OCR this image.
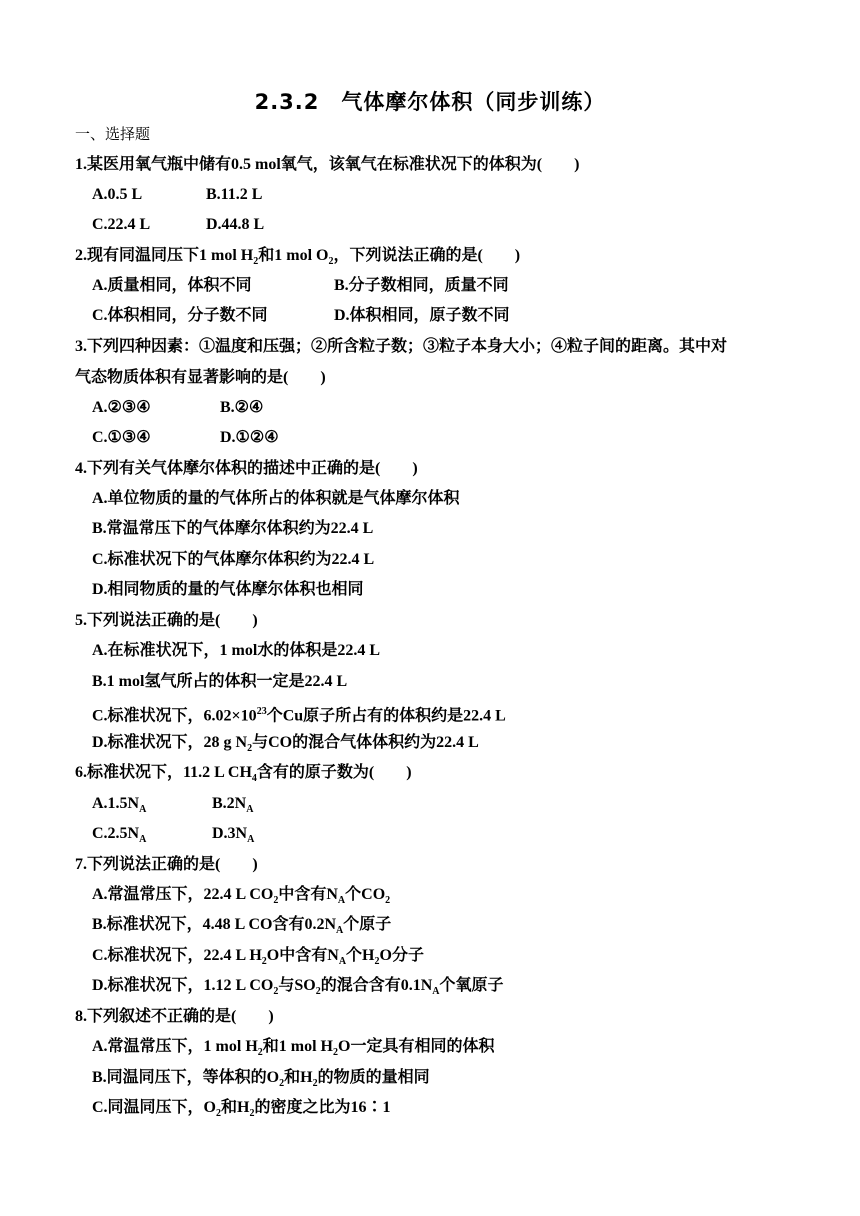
2.3.2　气体摩尔体积（同步训练）
一、选择题
1.某医用氧气瓶中储有0.5 mol氧气，该氧气在标准状况下的体积为(　　)
A.0.5 L	B.11.2 L
C.22.4 L	D.44.8 L
2.现有同温同压下1 mol $H_2$和1 mol $O_2$，下列说法正确的是(　　)
A.质量相同，体积不同	B.分子数相同，质量不同
C.体积相同，分子数不同	D.体积相同，原子数不同
3.下列四种因素：①温度和压强；②所含粒子数；③粒子本身大小；④粒子间的距离。其中对
气态物质体积有显著影响的是(　　)
A.②③④	B.②④
C.①③④	D.①②④
4.下列有关气体摩尔体积的描述中正确的是(　　)
A.单位物质的量的气体所占的体积就是气体摩尔体积
B.常温常压下的气体摩尔体积约为22.4 L
C.标准状况下的气体摩尔体积约为22.4 L
D.相同物质的量的气体摩尔体积也相同
5.下列说法正确的是(　　)
A.在标准状况下，1 mol水的体积是22.4 L
B.1 mol氢气所占的体积一定是22.4 L
C.标准状况下，$6.02\times 10^{23}$个Cu原子所占有的体积约是22.4 L
D.标准状况下，28 g $N_2$与CO的混合气体体积约为22.4 L
6.标准状况下，11.2 L $CH_4$含有的原子数为(　　)
$A.1.5N_A$	$B.2N_A$
$C.2.5N_A$	$D.3N_A$
7.下列说法正确的是(　　)
A.常温常压下，22.4 L $CO_2$中含有$N_A$个$CO_2$
B.标准状况下，4.48 L CO含有$0.2N_A$个原子
C.标准状况下，22.4 L $H_2O$中含有$N_A$个$H_2O$分子
D.标准状况下，1.12 L $CO_2$与$SO_2$的混合含有$0.1N_A$个氧原子
8.下列叙述不正确的是(　　)
A.常温常压下，1 mol $H_2$和1 mol $H_2O$一定具有相同的体积
B.同温同压下，等体积的$O_2$和$H_2$的物质的量相同
C.同温同压下，$O_2$和$H_2$的密度之比为16∶1
